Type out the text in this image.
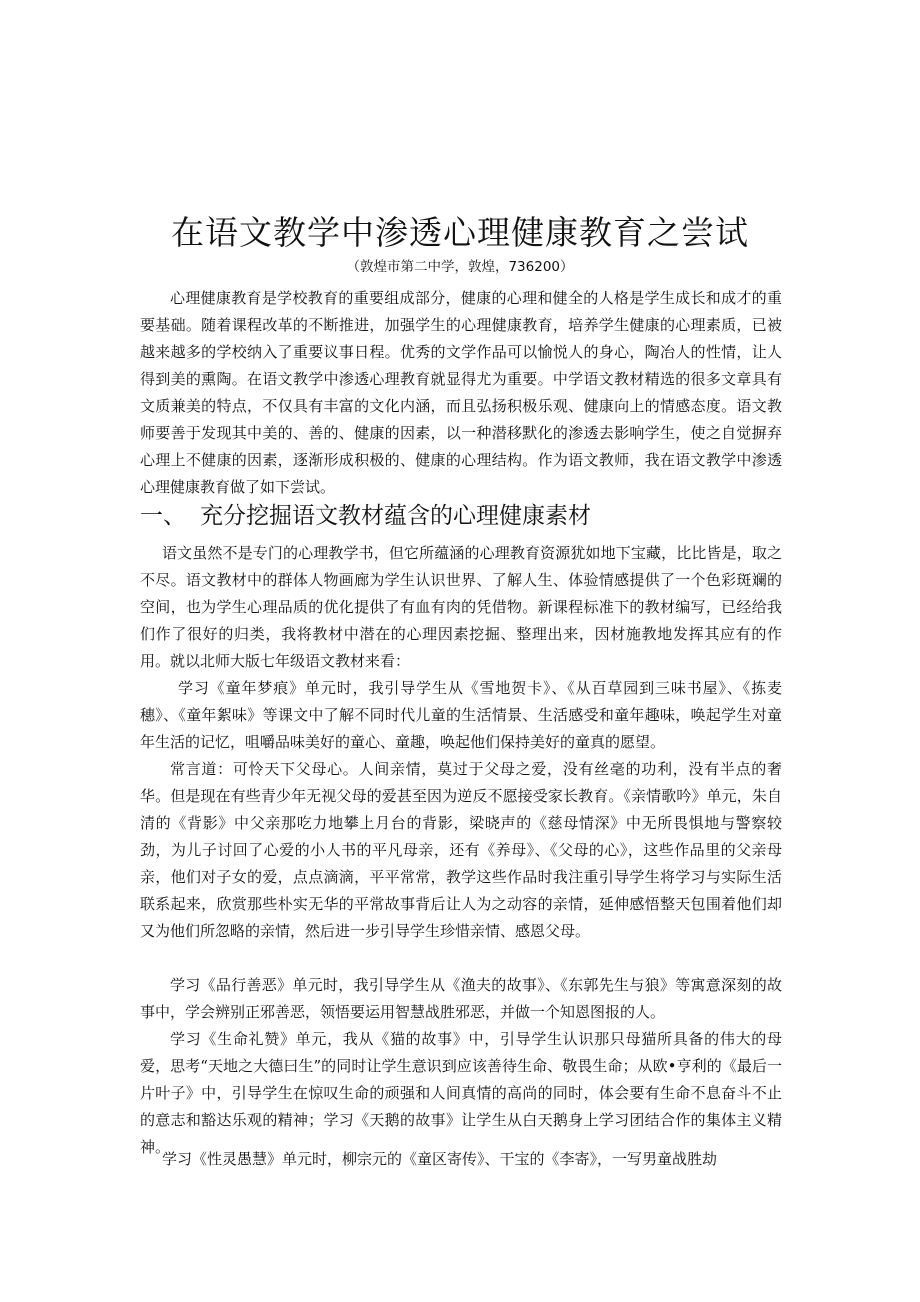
在语文教学中渗透心理健康教育之尝试

（敦煌市第二中学，敦煌，736200）

心理健康教育是学校教育的重要组成部分，健康的心理和健全的人格是学生成长和成才的重要基础。随着课程改革的不断推进，加强学生的心理健康教育，培养学生健康的心理素质，已被越来越多的学校纳入了重要议事日程。优秀的文学作品可以愉悦人的身心，陶冶人的性情，让人得到美的熏陶。在语文教学中渗透心理教育就显得尤为重要。中学语文教材精选的很多文章具有文质兼美的特点，不仅具有丰富的文化内涵，而且弘扬积极乐观、健康向上的情感态度。语文教师要善于发现其中美的、善的、健康的因素，以一种潜移默化的渗透去影响学生，使之自觉摒弃心理上不健康的因素，逐渐形成积极的、健康的心理结构。作为语文教师，我在语文教学中渗透心理健康教育做了如下尝试。

一、 充分挖掘语文教材蕴含的心理健康素材

语文虽然不是专门的心理教学书，但它所蕴涵的心理教育资源犹如地下宝藏，比比皆是，取之不尽。语文教材中的群体人物画廊为学生认识世界、了解人生、体验情感提供了一个色彩斑斓的空间，也为学生心理品质的优化提供了有血有肉的凭借物。新课程标准下的教材编写，已经给我们作了很好的归类，我将教材中潜在的心理因素挖掘、整理出来，因材施教地发挥其应有的作用。就以北师大版七年级语文教材来看：

学习《童年梦痕》单元时，我引导学生从《雪地贺卡》、《从百草园到三味书屋》、《拣麦穗》、《童年絮味》等课文中了解不同时代儿童的生活情景、生活感受和童年趣味，唤起学生对童年生活的记忆，咀嚼品味美好的童心、童趣，唤起他们保持美好的童真的愿望。

常言道：可怜天下父母心。人间亲情，莫过于父母之爱，没有丝毫的功利，没有半点的奢华。但是现在有些青少年无视父母的爱甚至因为逆反不愿接受家长教育。《亲情歌吟》单元，朱自清的《背影》中父亲那吃力地攀上月台的背影，梁晓声的《慈母情深》中无所畏惧地与警察较劲，为儿子讨回了心爱的小人书的平凡母亲，还有《养母》、《父母的心》，这些作品里的父亲母亲，他们对子女的爱，点点滴滴，平平常常，教学这些作品时我注重引导学生将学习与实际生活联系起来，欣赏那些朴实无华的平常故事背后让人为之动容的亲情，延伸感悟整天包围着他们却又为他们所忽略的亲情，然后进一步引导学生珍惜亲情、感恩父母。

学习《品行善恶》单元时，我引导学生从《渔夫的故事》、《东郭先生与狼》等寓意深刻的故事中，学会辨别正邪善恶，领悟要运用智慧战胜邪恶，并做一个知恩图报的人。

学习《生命礼赞》单元，我从《猫的故事》中，引导学生认识那只母猫所具备的伟大的母爱，思考“天地之大德曰生”的同时让学生意识到应该善待生命、敬畏生命；从欧•亨利的《最后一片叶子》中，引导学生在惊叹生命的顽强和人间真情的高尚的同时，体会要有生命不息奋斗不止的意志和豁达乐观的精神；学习《天鹅的故事》让学生从白天鹅身上学习团结合作的集体主义精神。

学习《性灵愚慧》单元时，柳宗元的《童区寄传》、干宝的《李寄》，一写男童战胜劫
